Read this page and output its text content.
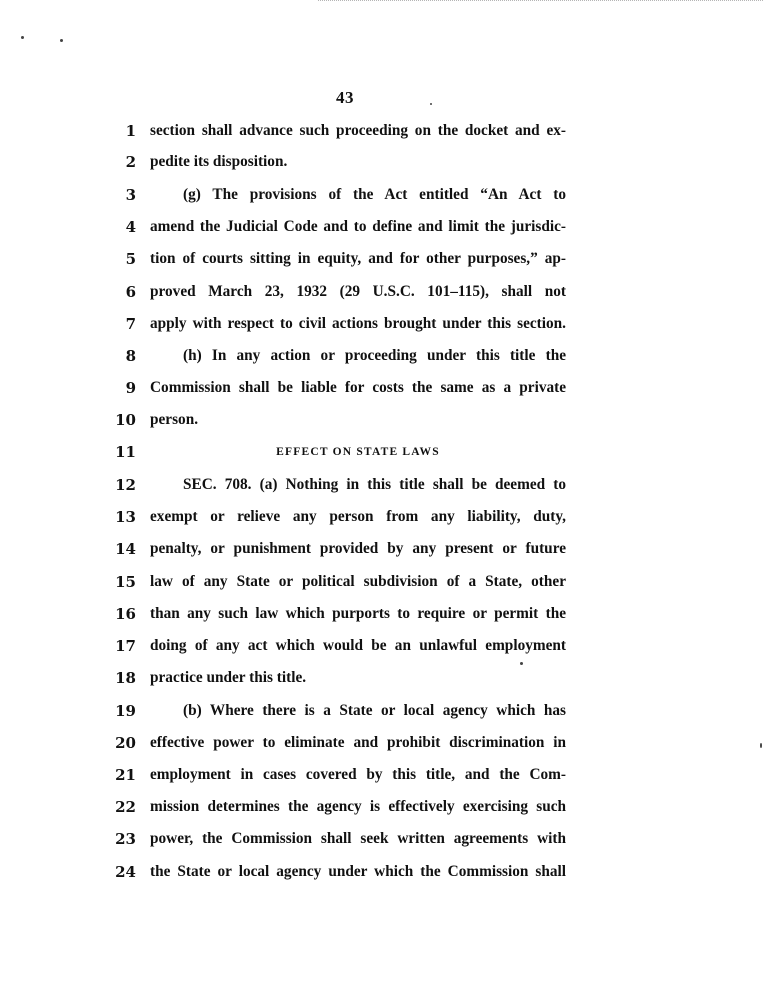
43
1 section shall advance such proceeding on the docket and ex-
2 pedite its disposition.
3	(g) The provisions of the Act entitled “An Act to
4 amend the Judicial Code and to define and limit the jurisdic-
5 tion of courts sitting in equity, and for other purposes,” ap-
6 proved March 23, 1932 (29 U.S.C. 101–115), shall not
7 apply with respect to civil actions brought under this section.
8	(h) In any action or proceeding under this title the
9 Commission shall be liable for costs the same as a private
10 person.
11	EFFECT ON STATE LAWS
12	SEC. 708. (a) Nothing in this title shall be deemed to
13 exempt or relieve any person from any liability, duty,
14 penalty, or punishment provided by any present or future
15 law of any State or political subdivision of a State, other
16 than any such law which purports to require or permit the
17 doing of any act which would be an unlawful employment
18 practice under this title.
19	(b) Where there is a State or local agency which has
20 effective power to eliminate and prohibit discrimination in
21 employment in cases covered by this title, and the Com-
22 mission determines the agency is effectively exercising such
23 power, the Commission shall seek written agreements with
24 the State or local agency under which the Commission shall
